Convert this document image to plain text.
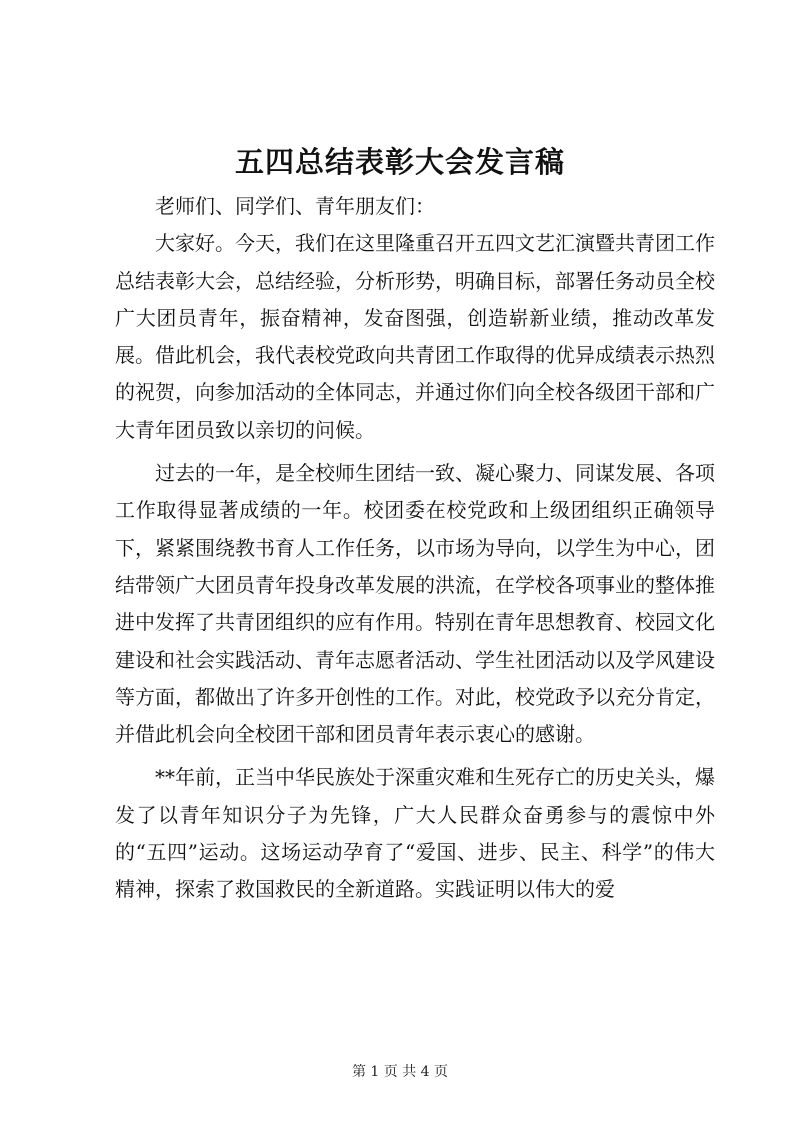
五四总结表彰大会发言稿

老师们、同学们、青年朋友们：

大家好。今天，我们在这里隆重召开五四文艺汇演暨共青团工作总结表彰大会，总结经验，分析形势，明确目标，部署任务动员全校广大团员青年，振奋精神，发奋图强，创造崭新业绩，推动改革发展。借此机会，我代表校党政向共青团工作取得的优异成绩表示热烈的祝贺，向参加活动的全体同志，并通过你们向全校各级团干部和广大青年团员致以亲切的问候。

过去的一年，是全校师生团结一致、凝心聚力、同谋发展、各项工作取得显著成绩的一年。校团委在校党政和上级团组织正确领导下，紧紧围绕教书育人工作任务，以市场为导向，以学生为中心，团结带领广大团员青年投身改革发展的洪流，在学校各项事业的整体推进中发挥了共青团组织的应有作用。特别在青年思想教育、校园文化建设和社会实践活动、青年志愿者活动、学生社团活动以及学风建设等方面，都做出了许多开创性的工作。对此，校党政予以充分肯定，并借此机会向全校团干部和团员青年表示衷心的感谢。

**年前，正当中华民族处于深重灾难和生死存亡的历史关头，爆发了以青年知识分子为先锋，广大人民群众奋勇参与的震惊中外的“五四”运动。这场运动孕育了“爱国、进步、民主、科学”的伟大精神，探索了救国救民的全新道路。实践证明以伟大的爱

第 1 页 共 4 页
